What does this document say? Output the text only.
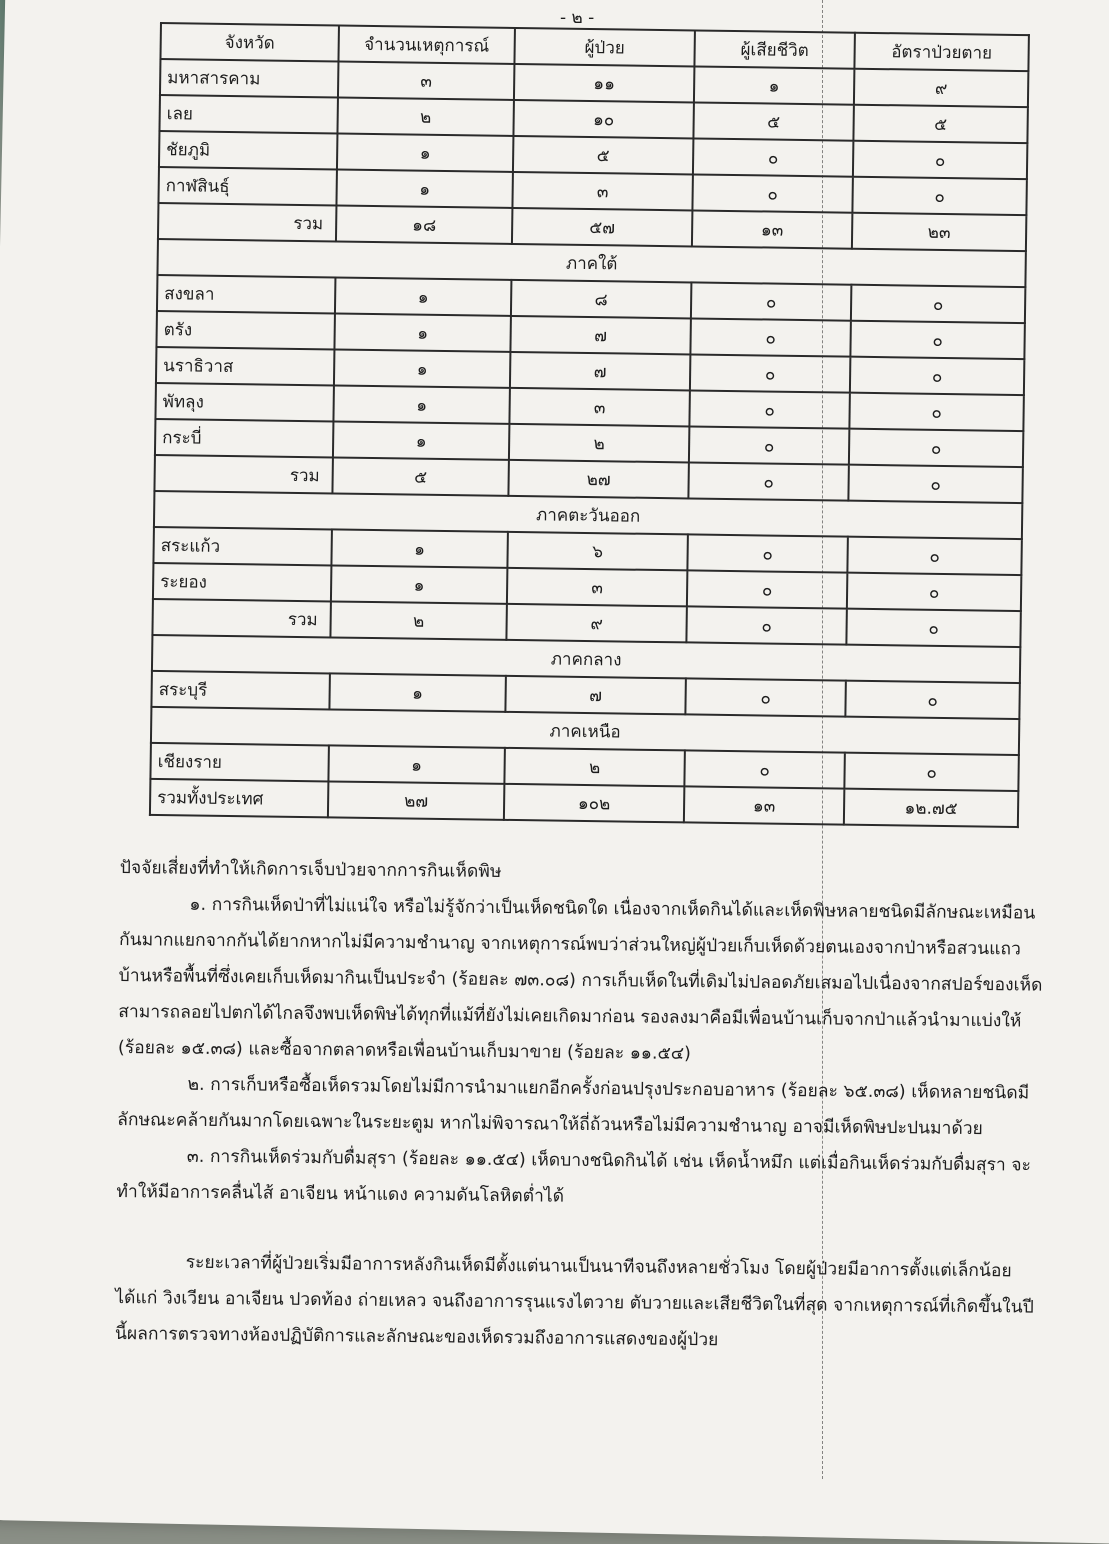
- ๒ -
จังหวัด	จำนวนเหตุการณ์	ผู้ป่วย	ผู้เสียชีวิต	อัตราป่วยตาย
มหาสารคาม	๓	๑๑	๑	๙
เลย	๒	๑๐	๕	๕
ชัยภูมิ	๑	๕	๐	๐
กาฬสินธุ์	๑	๓	๐	๐
รวม	๑๘	๕๗	๑๓	๒๓
ภาคใต้				
สงขลา	๑	๘	๐	๐
ตรัง	๑	๗	๐	๐
นราธิวาส	๑	๗	๐	๐
พัทลุง	๑	๓	๐	๐
กระบี่	๑	๒	๐	๐
รวม	๕	๒๗	๐	๐
ภาคตะวันออก				
สระแก้ว	๑	๖	๐	๐
ระยอง	๑	๓	๐	๐
รวม	๒	๙	๐	๐
ภาคกลาง				
สระบุรี	๑	๗	๐	๐
ภาคเหนือ				
เชียงราย	๑	๒	๐	๐
รวมทั้งประเทศ	๒๗	๑๐๒	๑๓	๑๒.๗๕

ปัจจัยเสี่ยงที่ทำให้เกิดการเจ็บป่วยจากการกินเห็ดพิษ

๑. การกินเห็ดป่าที่ไม่แน่ใจ หรือไม่รู้จักว่าเป็นเห็ดชนิดใด เนื่องจากเห็ดกินได้และเห็ดพิษหลายชนิดมีลักษณะเหมือนกันมากแยกจากกันได้ยากหากไม่มีความชำนาญ จากเหตุการณ์พบว่าส่วนใหญ่ผู้ป่วยเก็บเห็ดด้วยตนเองจากป่าหรือสวนแถวบ้านหรือพื้นที่ซึ่งเคยเก็บเห็ดมากินเป็นประจำ (ร้อยละ ๗๓.๐๘) การเก็บเห็ดในที่เดิมไม่ปลอดภัยเสมอไปเนื่องจากสปอร์ของเห็ดสามารถลอยไปตกได้ไกลจึงพบเห็ดพิษได้ทุกที่แม้ที่ยังไม่เคยเกิดมาก่อน รองลงมาคือมีเพื่อนบ้านเก็บจากป่าแล้วนำมาแบ่งให้ (ร้อยละ ๑๕.๓๘) และซื้อจากตลาดหรือเพื่อนบ้านเก็บมาขาย (ร้อยละ ๑๑.๕๔)

๒. การเก็บหรือซื้อเห็ดรวมโดยไม่มีการนำมาแยกอีกครั้งก่อนปรุงประกอบอาหาร (ร้อยละ ๖๕.๓๘) เห็ดหลายชนิดมีลักษณะคล้ายกันมากโดยเฉพาะในระยะตูม หากไม่พิจารณาให้ถี่ถ้วนหรือไม่มีความชำนาญ อาจมีเห็ดพิษปะปนมาด้วย

๓. การกินเห็ดร่วมกับดื่มสุรา (ร้อยละ ๑๑.๕๔) เห็ดบางชนิดกินได้ เช่น เห็ดน้ำหมึก แต่เมื่อกินเห็ดร่วมกับดื่มสุรา จะทำให้มีอาการคลื่นไส้ อาเจียน หน้าแดง ความดันโลหิตต่ำได้

ระยะเวลาที่ผู้ป่วยเริ่มมีอาการหลังกินเห็ดมีตั้งแต่นานเป็นนาทีจนถึงหลายชั่วโมง โดยผู้ป่วยมีอาการตั้งแต่เล็กน้อย ได้แก่ วิงเวียน อาเจียน ปวดท้อง ถ่ายเหลว จนถึงอาการรุนแรงไตวาย ตับวายและเสียชีวิตในที่สุด จากเหตุการณ์ที่เกิดขึ้นในปีนี้ผลการตรวจทางห้องปฏิบัติการและลักษณะของเห็ดรวมถึงอาการแสดงของผู้ป่วย
